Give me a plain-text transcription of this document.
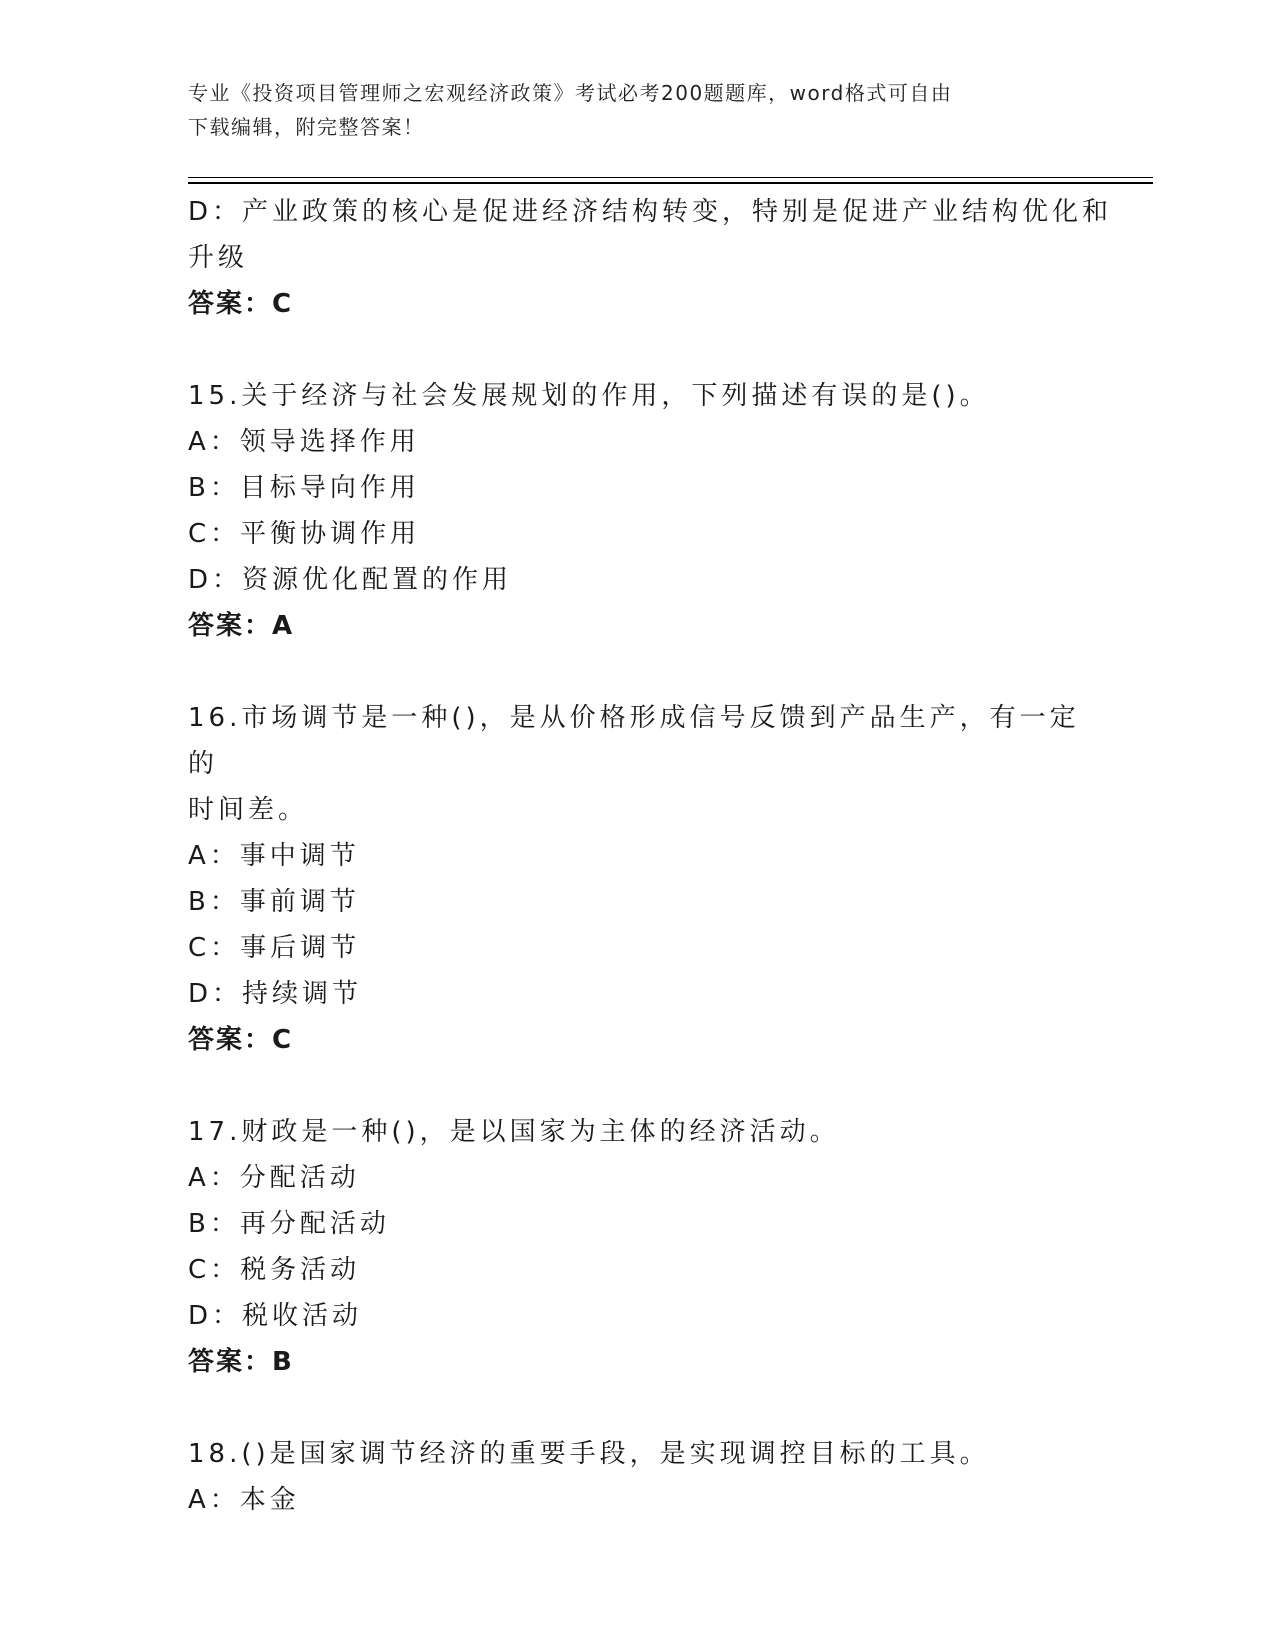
专业《投资项目管理师之宏观经济政策》考试必考200题题库，word格式可自由
下载编辑，附完整答案！
D：产业政策的核心是促进经济结构转变，特别是促进产业结构优化和
升级
答案：C
15.关于经济与社会发展规划的作用，下列描述有误的是()。
A：领导选择作用
B：目标导向作用
C：平衡协调作用
D：资源优化配置的作用
答案：A
16.市场调节是一种()，是从价格形成信号反馈到产品生产，有一定的
时间差。
A：事中调节
B：事前调节
C：事后调节
D：持续调节
答案：C
17.财政是一种()，是以国家为主体的经济活动。
A：分配活动
B：再分配活动
C：税务活动
D：税收活动
答案：B
18.()是国家调节经济的重要手段，是实现调控目标的工具。
A：本金
